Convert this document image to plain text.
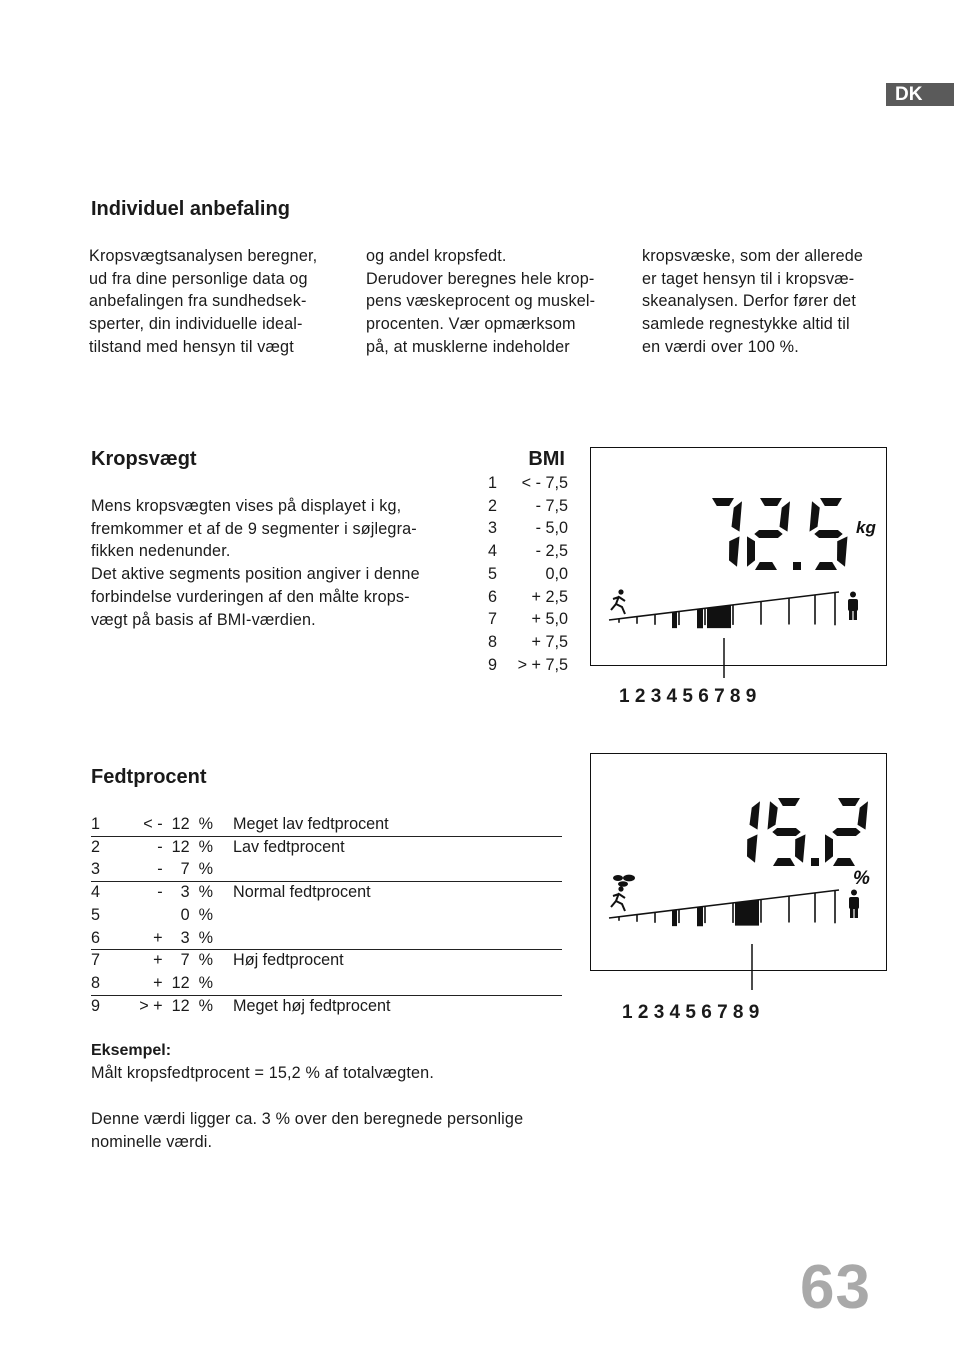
DK
Individuel anbefaling
Kropsvægtsanalysen beregner,
ud fra dine personlige data og
anbefalingen fra sundhedsek-
sperter, din individuelle ideal-
tilstand med hensyn til vægt
og andel kropsfedt.
Derudover beregnes hele krop-
pens væskeprocent og muskel-
procenten. Vær opmærksom
på, at musklerne indeholder
kropsvæske, som der allerede
er taget hensyn til i kropsvæ-
skeanalysen. Derfor fører det
samlede regnestykke altid til
en værdi over 100 %.
Kropsvægt
Mens kropsvægten vises på displayet i kg,
fremkommer et af de 9 segmenter i søjlegra-
fikken nedenunder.
Det aktive segments position angiver i denne
forbindelse vurderingen af den målte krops-
vægt på basis af BMI-værdien.
BMI
1 < - 7,5
2 - 7,5
3 - 5,0
4 - 2,5
5	0,0
6 + 2,5
7 + 5,0
8 + 7,5
9 > + 7,5
kg
1 2 3 4 5 6 7 8 9
Fedtprocent
1	< -  12  % Meget lav fedtprocent
2	-  12  % Lav fedtprocent
3	-    7  %
4	-    3  % Normal fedtprocent
5	0  %
6	+    3  %
7	+    7  % Høj fedtprocent
8	+  12  %
9 > +  12  % Meget høj fedtprocent
%
1 2 3 4 5 6 7 8 9
Eksempel:
Målt kropsfedtprocent = 15,2 % af totalvægten.
Denne værdi ligger ca. 3 % over den beregnede personlige
nominelle værdi.
63
